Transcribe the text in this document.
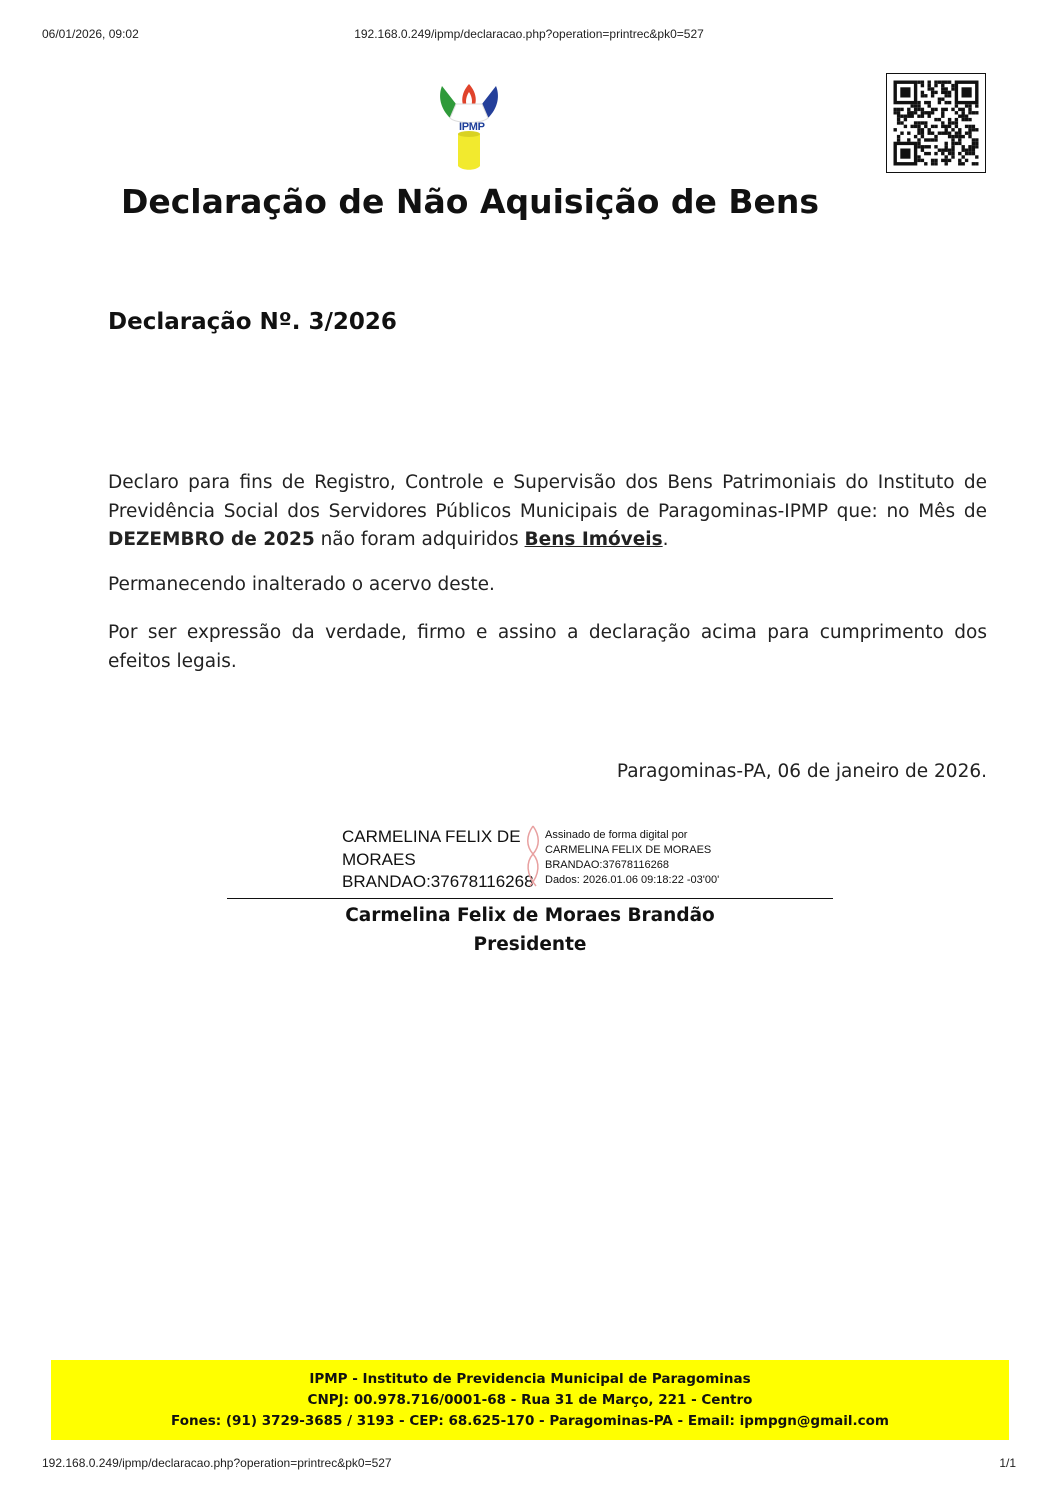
06/01/2026, 09:02	192.168.0.249/ipmp/declaracao.php?operation=printrec&pk0=527
IPMP
Declaração de Não Aquisição de Bens
Declaração Nº. 3/2026
Declaro para fins de Registro, Controle e Supervisão dos Bens Patrimoniais do Instituto de Previdência Social dos Servidores Públicos Municipais de Paragominas-IPMP que: no Mês de DEZEMBRO de 2025 não foram adquiridos Bens Imóveis.
Permanecendo inalterado o acervo deste.
Por ser expressão da verdade, firmo e assino a declaração acima para cumprimento dos efeitos legais.
Paragominas-PA, 06 de janeiro de 2026.
CARMELINA FELIX DE
MORAES
BRANDAO:37678116268
Assinado de forma digital por
CARMELINA FELIX DE MORAES
BRANDAO:37678116268
Dados: 2026.01.06 09:18:22 -03'00'
Carmelina Felix de Moraes Brandão
Presidente
IPMP - Instituto de Previdencia Municipal de Paragominas
CNPJ: 00.978.716/0001-68 - Rua 31 de Março, 221 - Centro
Fones: (91) 3729-3685 / 3193 - CEP: 68.625-170 - Paragominas-PA - Email: ipmpgn@gmail.com
192.168.0.249/ipmp/declaracao.php?operation=printrec&pk0=527	1/1
